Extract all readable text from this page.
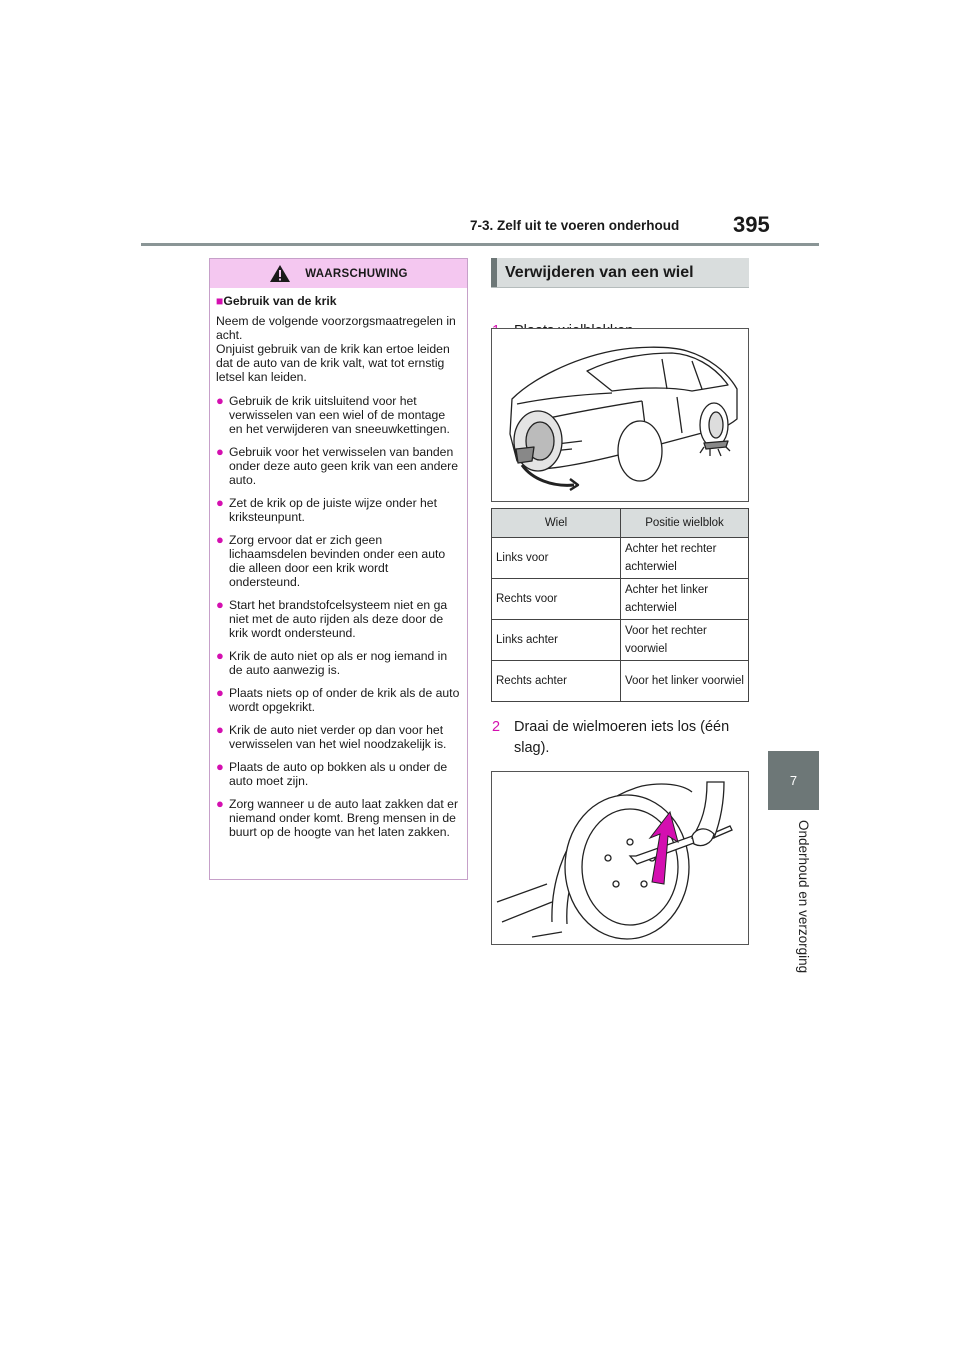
7-3. Zelf uit te voeren onderhoud 395
7
Onderhoud en verzorging
WAARSCHUWING
■Gebruik van de krik
Neem de volgende voorzorgsmaatregelen in acht.
Onjuist gebruik van de krik kan ertoe leiden dat de auto van de krik valt, wat tot ernstig letsel kan leiden.
● Gebruik de krik uitsluitend voor het verwisselen van een wiel of de montage en het verwijderen van sneeuwkettingen.
● Gebruik voor het verwisselen van banden onder deze auto geen krik van een andere auto.
● Zet de krik op de juiste wijze onder het kriksteunpunt.
● Zorg ervoor dat er zich geen lichaamsdelen bevinden onder een auto die alleen door een krik wordt ondersteund.
● Start het brandstofcelsysteem niet en ga niet met de auto rijden als deze door de krik wordt ondersteund.
● Krik de auto niet op als er nog iemand in de auto aanwezig is.
● Plaats niets op of onder de krik als de auto wordt opgekrikt.
● Krik de auto niet verder op dan voor het verwisselen van het wiel noodzakelijk is.
● Plaats de auto op bokken als u onder de auto moet zijn.
● Zorg wanneer u de auto laat zakken dat er niemand onder komt. Breng mensen in de buurt op de hoogte van het laten zakken.
Verwijderen van een wiel
Wiel	Positie wielblok
Links voor	Achter het rechter achterwiel
Rechts voor	Achter het linker achterwiel
Links achter	Voor het rechter voorwiel
Rechts achter	Voor het linker voorwiel
2 Draai de wielmoeren iets los (één slag).
